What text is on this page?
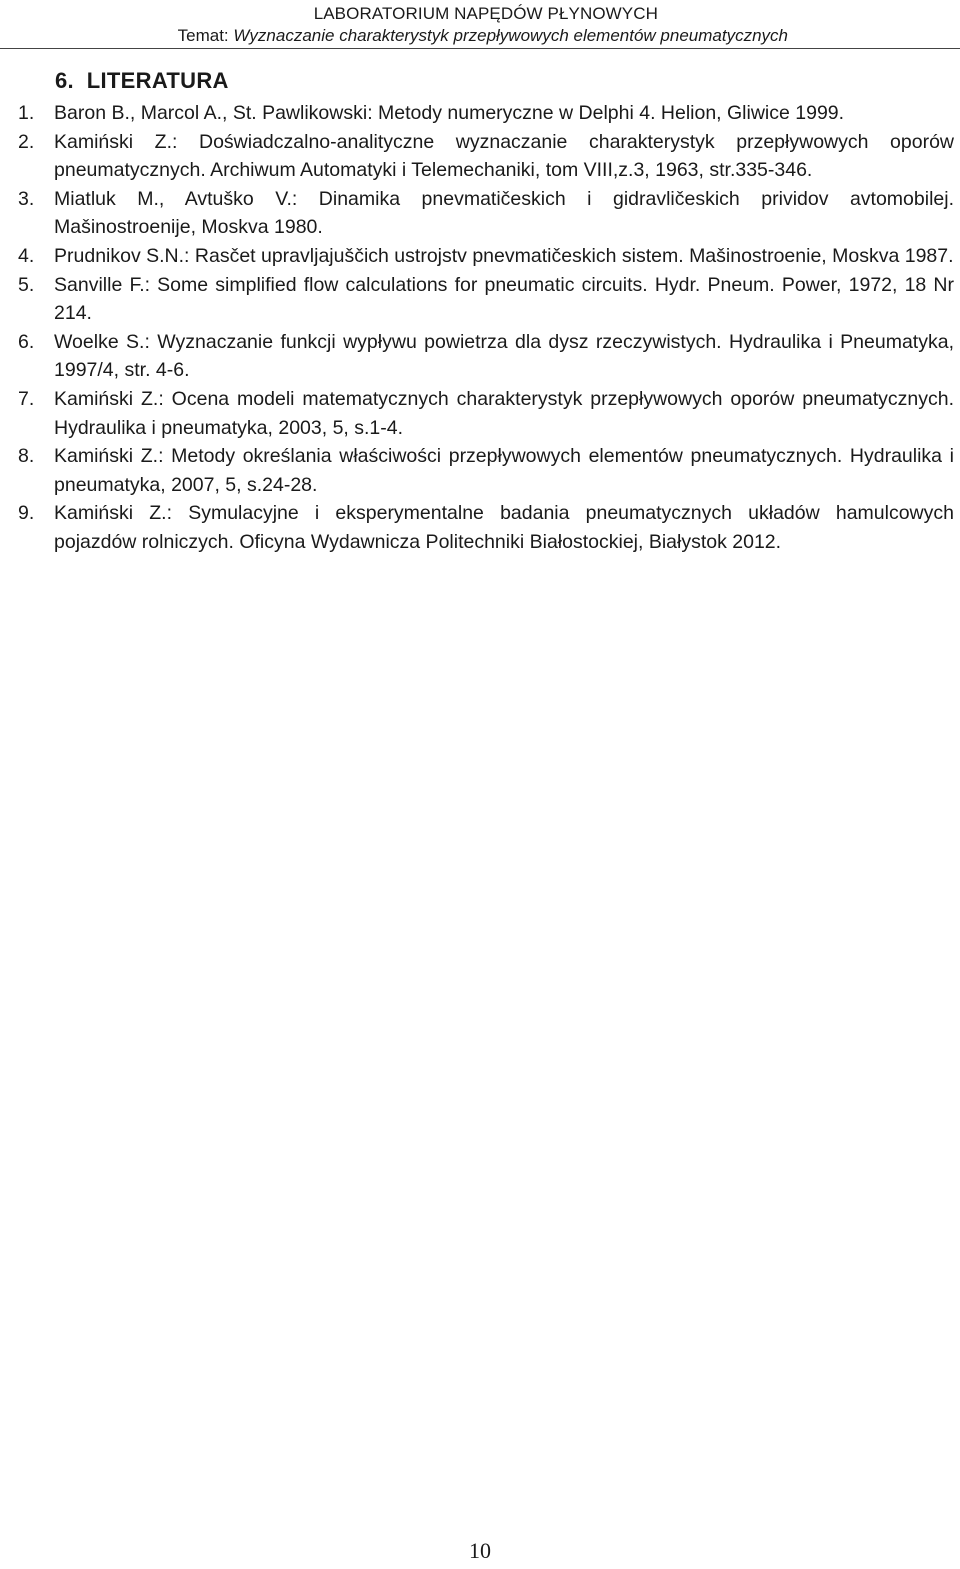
LABORATORIUM NAPĘDÓW PŁYNOWYCH
Temat: Wyznaczanie charakterystyk przepływowych elementów pneumatycznych
6. LITERATURA
1. Baron B., Marcol A., St. Pawlikowski: Metody numeryczne w Delphi 4. Helion, Gliwice 1999.
2. Kamiński Z.: Doświadczalno-analityczne wyznaczanie charakterystyk przepływowych oporów pneumatycznych. Archiwum Automatyki i Telemechaniki, tom VIII,z.3, 1963, str.335-346.
3. Miatluk M., Avtuško V.: Dinamika pnevmatičeskich i gidravličeskich prividov avtomobilej. Mašinostroenije, Moskva 1980.
4. Prudnikov S.N.: Rasčet upravljajuščich ustrojstv pnevmatičeskich sistem. Mašinostroenie, Moskva 1987.
5. Sanville F.: Some simplified flow calculations for pneumatic circuits. Hydr. Pneum. Power, 1972, 18 Nr 214.
6. Woelke S.: Wyznaczanie funkcji wypływu powietrza dla dysz rzeczywistych. Hydraulika i Pneumatyka, 1997/4, str. 4-6.
7. Kamiński Z.: Ocena modeli matematycznych charakterystyk przepływowych oporów pneumatycznych. Hydraulika i pneumatyka, 2003, 5, s.1-4.
8. Kamiński Z.: Metody określania właściwości przepływowych elementów pneumatycznych. Hydraulika i pneumatyka, 2007, 5, s.24-28.
9. Kamiński Z.: Symulacyjne i eksperymentalne badania pneumatycznych układów hamulcowych pojazdów rolniczych. Oficyna Wydawnicza Politechniki Białostockiej, Białystok 2012.
10
